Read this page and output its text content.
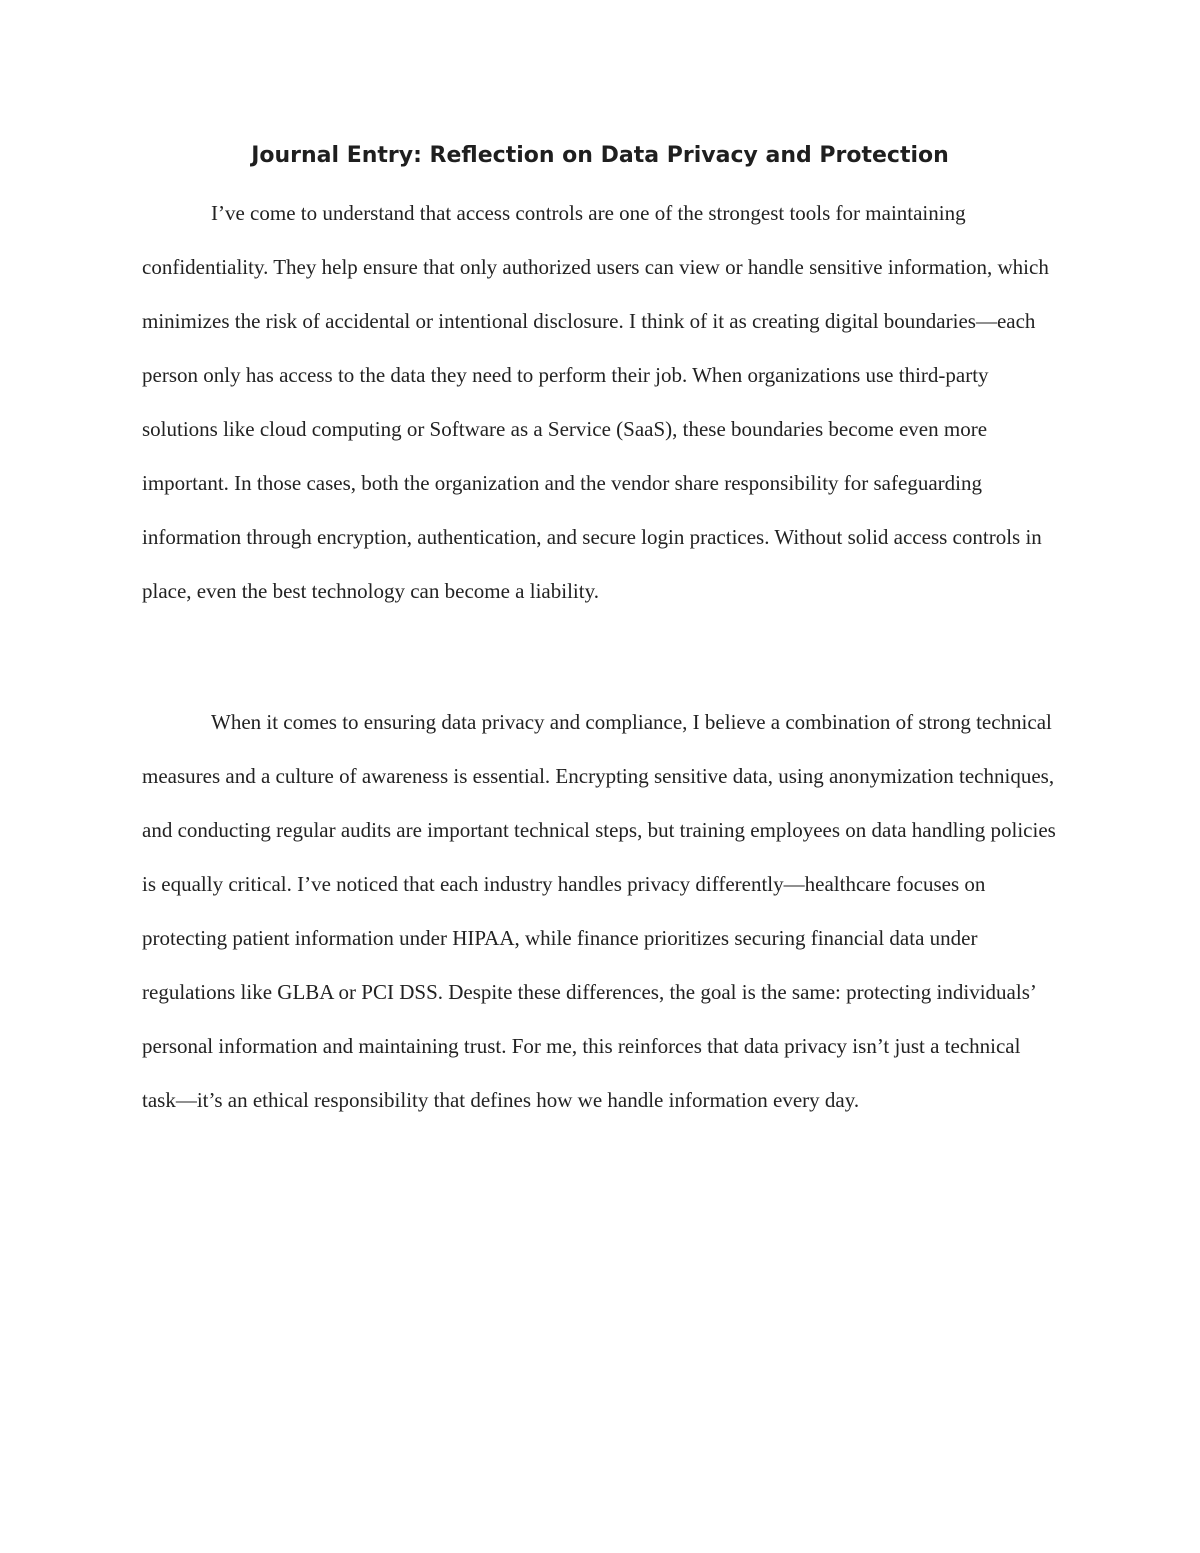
Journal Entry: Reflection on Data Privacy and Protection

I’ve come to understand that access controls are one of the strongest tools for maintaining confidentiality. They help ensure that only authorized users can view or handle sensitive information, which minimizes the risk of accidental or intentional disclosure. I think of it as creating digital boundaries—each person only has access to the data they need to perform their job. When organizations use third-party solutions like cloud computing or Software as a Service (SaaS), these boundaries become even more important. In those cases, both the organization and the vendor share responsibility for safeguarding information through encryption, authentication, and secure login practices. Without solid access controls in place, even the best technology can become a liability.

When it comes to ensuring data privacy and compliance, I believe a combination of strong technical measures and a culture of awareness is essential. Encrypting sensitive data, using anonymization techniques, and conducting regular audits are important technical steps, but training employees on data handling policies is equally critical. I’ve noticed that each industry handles privacy differently—healthcare focuses on protecting patient information under HIPAA, while finance prioritizes securing financial data under regulations like GLBA or PCI DSS. Despite these differences, the goal is the same: protecting individuals’ personal information and maintaining trust. For me, this reinforces that data privacy isn’t just a technical task—it’s an ethical responsibility that defines how we handle information every day.
